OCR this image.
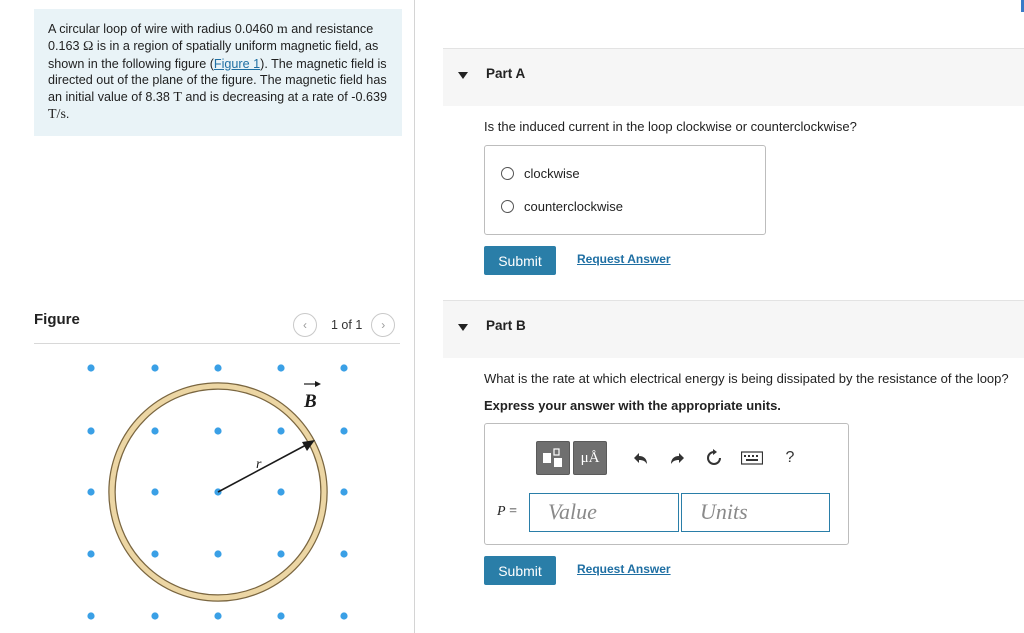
A circular loop of wire with radius 0.0460 m and resistance 0.163 Ω is in a region of spatially uniform magnetic field, as shown in the following figure (Figure 1). The magnetic field is directed out of the plane of the figure. The magnetic field has an initial value of 8.38 T and is decreasing at a rate of -0.639 T/s.
Figure	‹ 1 of 1 ›
r
B
Part A
Is the induced current in the loop clockwise or counterclockwise?
clockwise
counterclockwise
Submit	Request Answer
Part B
What is the rate at which electrical energy is being dissipated by the resistance of the loop?
Express your answer with the appropriate units.
μÅ	?
P =	Value	Units
Submit	Request Answer
